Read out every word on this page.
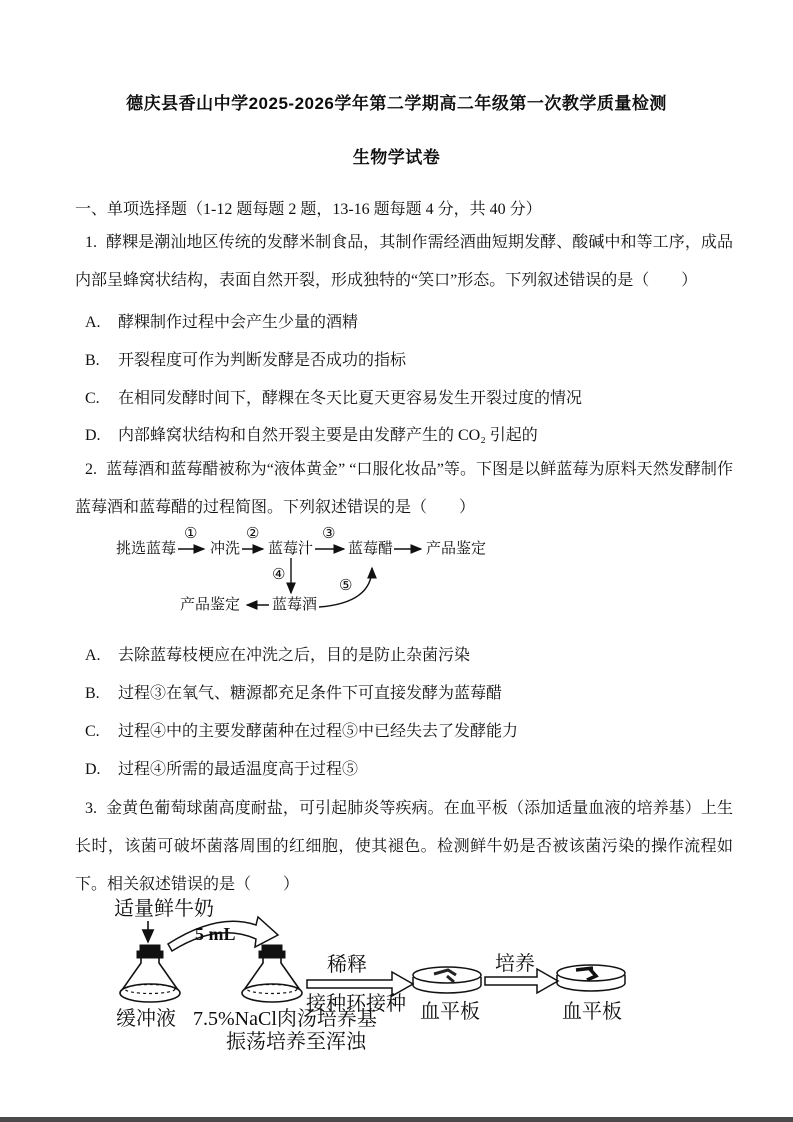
德庆县香山中学2025-2026学年第二学期高二年级第一次教学质量检测
生物学试卷
一、单项选择题（1-12 题每题 2 题，13-16 题每题 4 分，共 40 分）
1. 酵粿是潮汕地区传统的发酵米制食品，其制作需经酒曲短期发酵、酸碱中和等工序，成品内部呈蜂窝状结构，表面自然开裂，形成独特的“笑口”形态。下列叙述错误的是（　　）
A. 酵粿制作过程中会产生少量的酒精
B. 开裂程度可作为判断发酵是否成功的指标
C. 在相同发酵时间下，酵粿在冬天比夏天更容易发生开裂过度的情况
D. 内部蜂窝状结构和自然开裂主要是由发酵产生的 CO₂ 引起的
2. 蓝莓酒和蓝莓醋被称为“液体黄金” “口服化妆品”等。下图是以鲜蓝莓为原料天然发酵制作蓝莓酒和蓝莓醋的过程简图。下列叙述错误的是（　　）
挑选蓝莓
①
冲洗
②
蓝莓汁
③
蓝莓醋 产品鉴定
④
产品鉴定 蓝莓酒
⑤
A. 去除蓝莓枝梗应在冲洗之后，目的是防止杂菌污染
B. 过程③在氧气、糖源都充足条件下可直接发酵为蓝莓醋
C. 过程④中的主要发酵菌种在过程⑤中已经失去了发酵能力
D. 过程④所需的最适温度高于过程⑤
3. 金黄色葡萄球菌高度耐盐，可引起肺炎等疾病。在血平板（添加适量血液的培养基）上生长时，该菌可破坏菌落周围的红细胞，使其褪色。检测鲜牛奶是否被该菌污染的操作流程如下。相关叙述错误的是（　　）
适量鲜牛奶
5 mL
缓冲液 7.5%NaCl肉汤培养基
振荡培养至浑浊
稀释
接种环接种 血平板
培养
血平板
